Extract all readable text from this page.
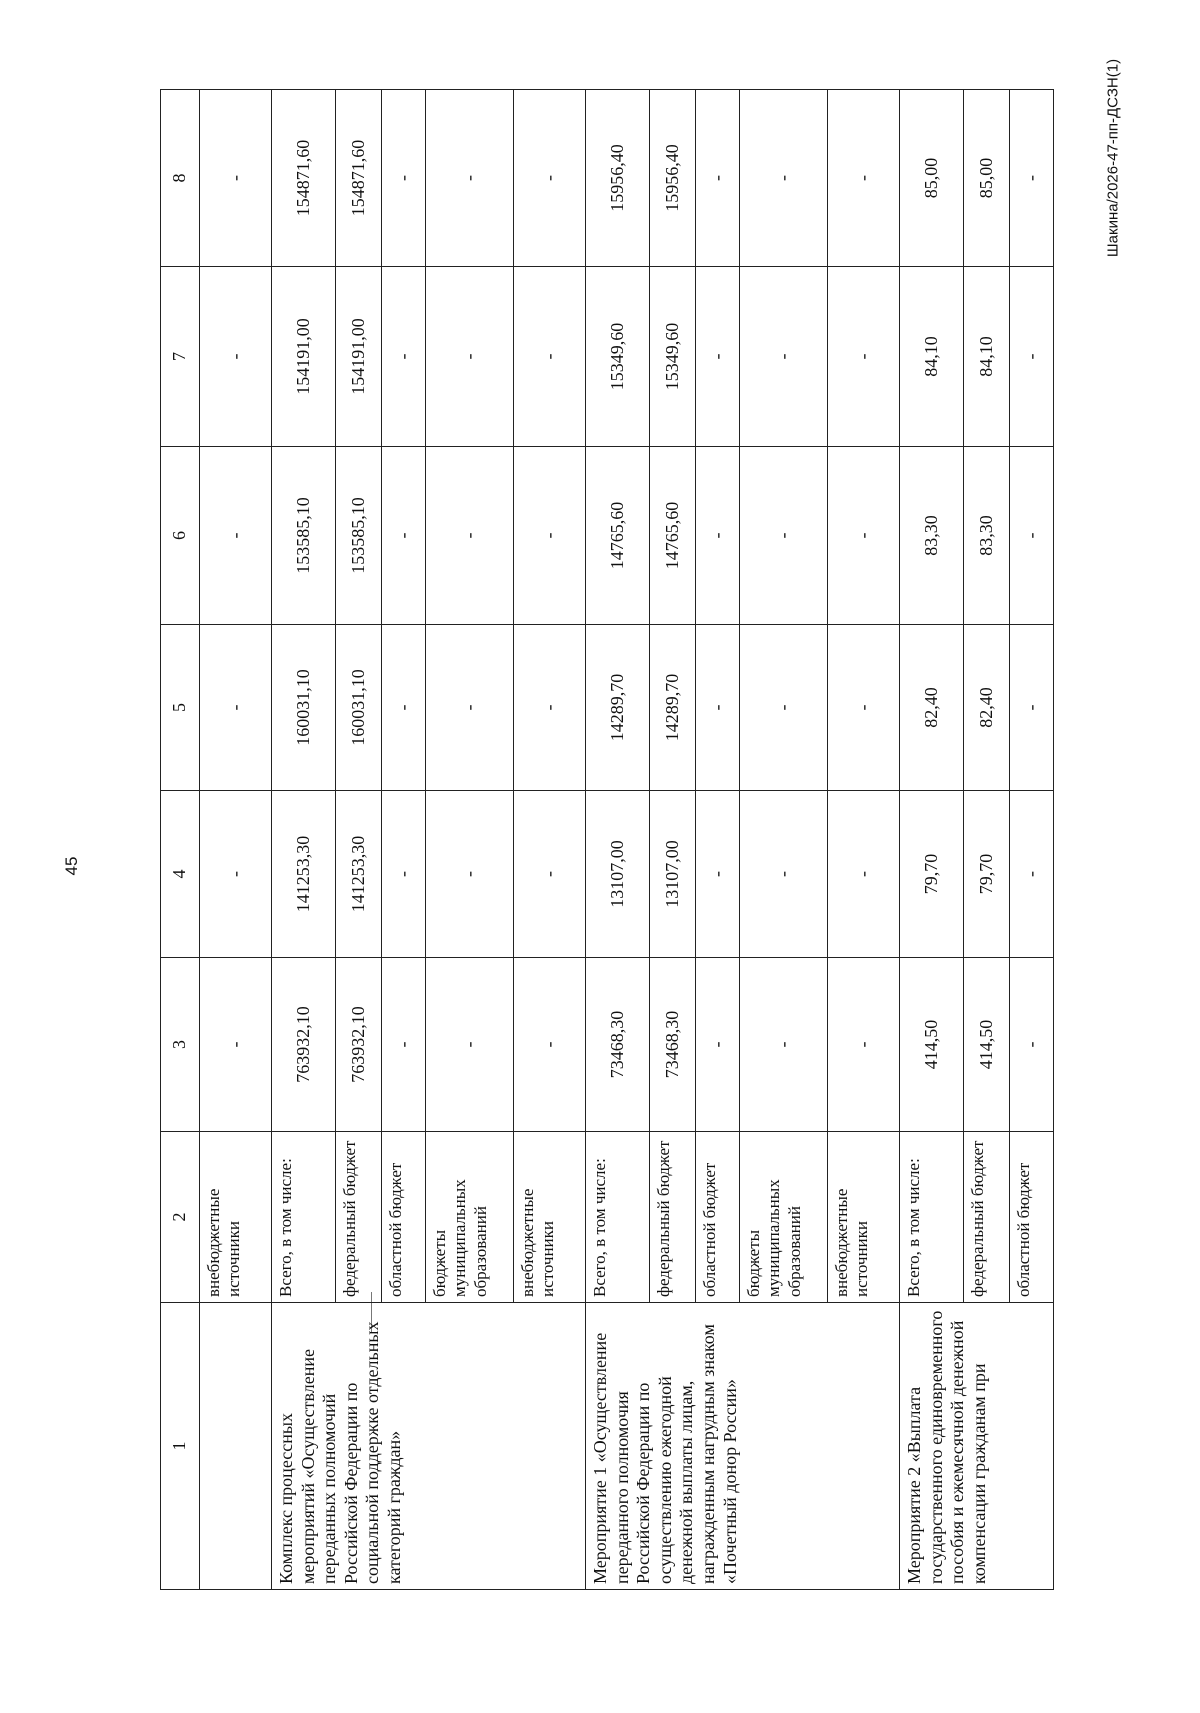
45
Шакина/2026-47-пп-ДСЗН(1)
1	2	3	4	5	6	7	8
	внебюджетные источники	-	-	-	-	-	-
Комплекс процессных мероприятий «Осуществление переданных полномочий Российской Федерации по социальной поддержке отдельных категорий граждан»	Всего, в том числе:	763932,10	141253,30	160031,10	153585,10	154191,00	154871,60
	федеральный бюджет	763932,10	141253,30	160031,10	153585,10	154191,00	154871,60
	областной бюджет	-	-	-	-	-	-
	бюджеты муниципальных образований	-	-	-	-	-	-
	внебюджетные источники	-	-	-	-	-	-
Мероприятие 1 «Осуществление переданного полномочия Российской Федерации по осуществлению ежегодной денежной выплаты лицам, награжденным нагрудным знаком «Почетный донор России»	Всего, в том числе:	73468,30	13107,00	14289,70	14765,60	15349,60	15956,40
	федеральный бюджет	73468,30	13107,00	14289,70	14765,60	15349,60	15956,40
	областной бюджет	-	-	-	-	-	-
	бюджеты муниципальных образований	-	-	-	-	-	-
	внебюджетные источники	-	-	-	-	-	-
Мероприятие 2 «Выплата государственного единовременного пособия и ежемесячной денежной компенсации гражданам при	Всего, в том числе:	414,50	79,70	82,40	83,30	84,10	85,00
	федеральный бюджет	414,50	79,70	82,40	83,30	84,10	85,00
	областной бюджет	-	-	-	-	-	-
